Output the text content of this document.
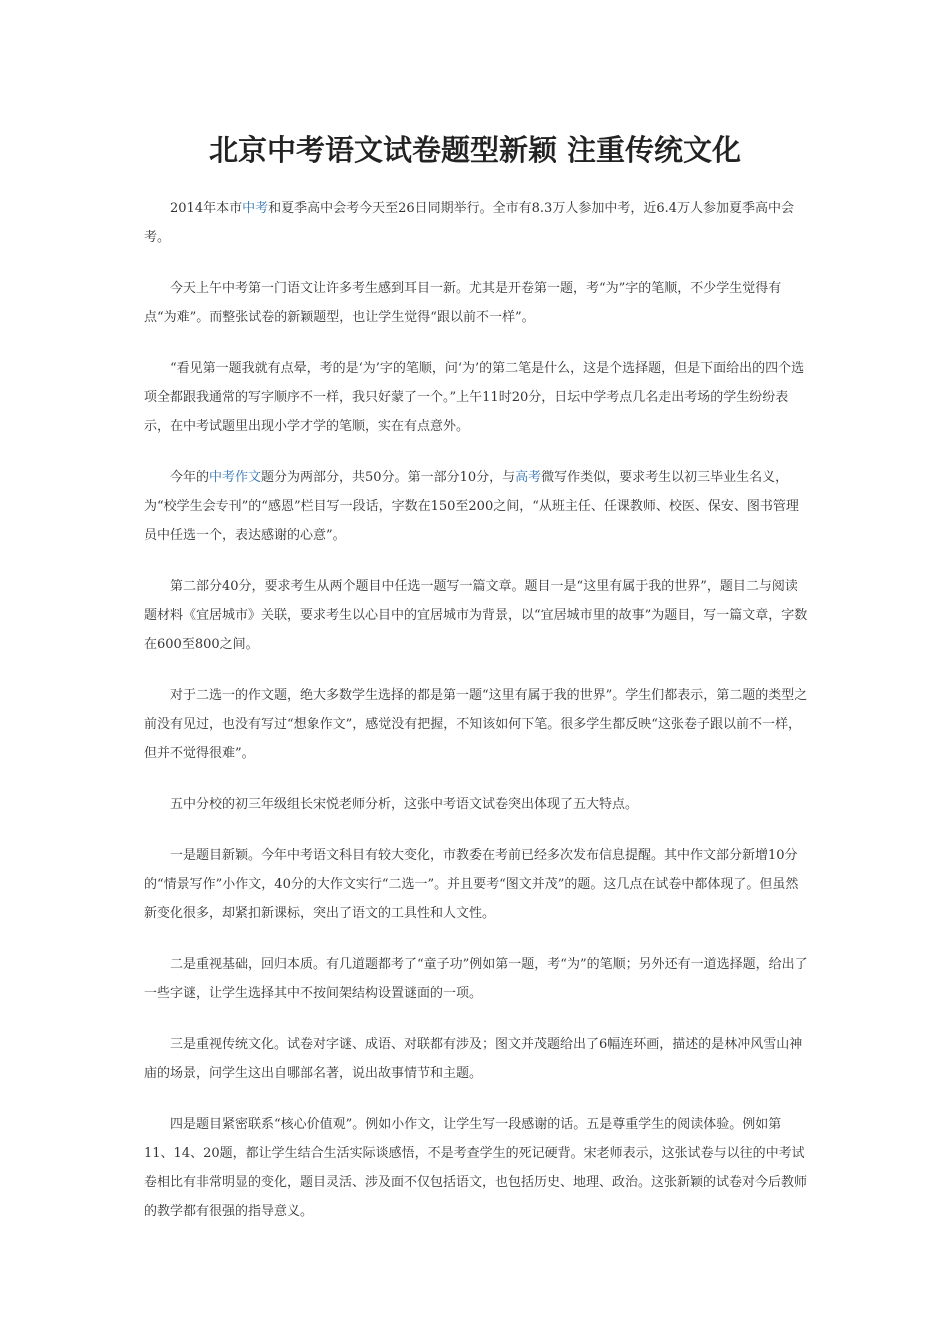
北京中考语文试卷题型新颖 注重传统文化

2014年本市中考和夏季高中会考今天至26日同期举行。全市有8.3万人参加中考，近6.4万人参加夏季高中会考。

今天上午中考第一门语文让许多考生感到耳目一新。尤其是开卷第一题，考“为”字的笔顺，不少学生觉得有点“为难”。而整张试卷的新颖题型，也让学生觉得“跟以前不一样”。

“看见第一题我就有点晕，考的是‘为’字的笔顺，问‘为’的第二笔是什么，这是个选择题，但是下面给出的四个选项全都跟我通常的写字顺序不一样，我只好蒙了一个。”上午11时20分，日坛中学考点几名走出考场的学生纷纷表示，在中考试题里出现小学才学的笔顺，实在有点意外。

今年的中考作文题分为两部分，共50分。第一部分10分，与高考微写作类似，要求考生以初三毕业生名义，为“校学生会专刊”的“感恩”栏目写一段话，字数在150至200之间，“从班主任、任课教师、校医、保安、图书管理员中任选一个，表达感谢的心意”。

第二部分40分，要求考生从两个题目中任选一题写一篇文章。题目一是“这里有属于我的世界”，题目二与阅读题材料《宜居城市》关联，要求考生以心目中的宜居城市为背景，以“宜居城市里的故事”为题目，写一篇文章，字数在600至800之间。

对于二选一的作文题，绝大多数学生选择的都是第一题“这里有属于我的世界”。学生们都表示，第二题的类型之前没有见过，也没有写过“想象作文”，感觉没有把握，不知该如何下笔。很多学生都反映“这张卷子跟以前不一样，但并不觉得很难”。

五中分校的初三年级组长宋悦老师分析，这张中考语文试卷突出体现了五大特点。

一是题目新颖。今年中考语文科目有较大变化，市教委在考前已经多次发布信息提醒。其中作文部分新增10分的“情景写作”小作文，40分的大作文实行“二选一”。并且要考“图文并茂”的题。这几点在试卷中都体现了。但虽然新变化很多，却紧扣新课标，突出了语文的工具性和人文性。

二是重视基础，回归本质。有几道题都考了“童子功”例如第一题，考“为”的笔顺；另外还有一道选择题，给出了一些字谜，让学生选择其中不按间架结构设置谜面的一项。

三是重视传统文化。试卷对字谜、成语、对联都有涉及；图文并茂题给出了6幅连环画，描述的是林冲风雪山神庙的场景，问学生这出自哪部名著，说出故事情节和主题。

四是题目紧密联系“核心价值观”。例如小作文，让学生写一段感谢的话。五是尊重学生的阅读体验。例如第11、14、20题，都让学生结合生活实际谈感悟，不是考查学生的死记硬背。宋老师表示，这张试卷与以往的中考试卷相比有非常明显的变化，题目灵活、涉及面不仅包括语文，也包括历史、地理、政治。这张新颖的试卷对今后教师的教学都有很强的指导意义。
